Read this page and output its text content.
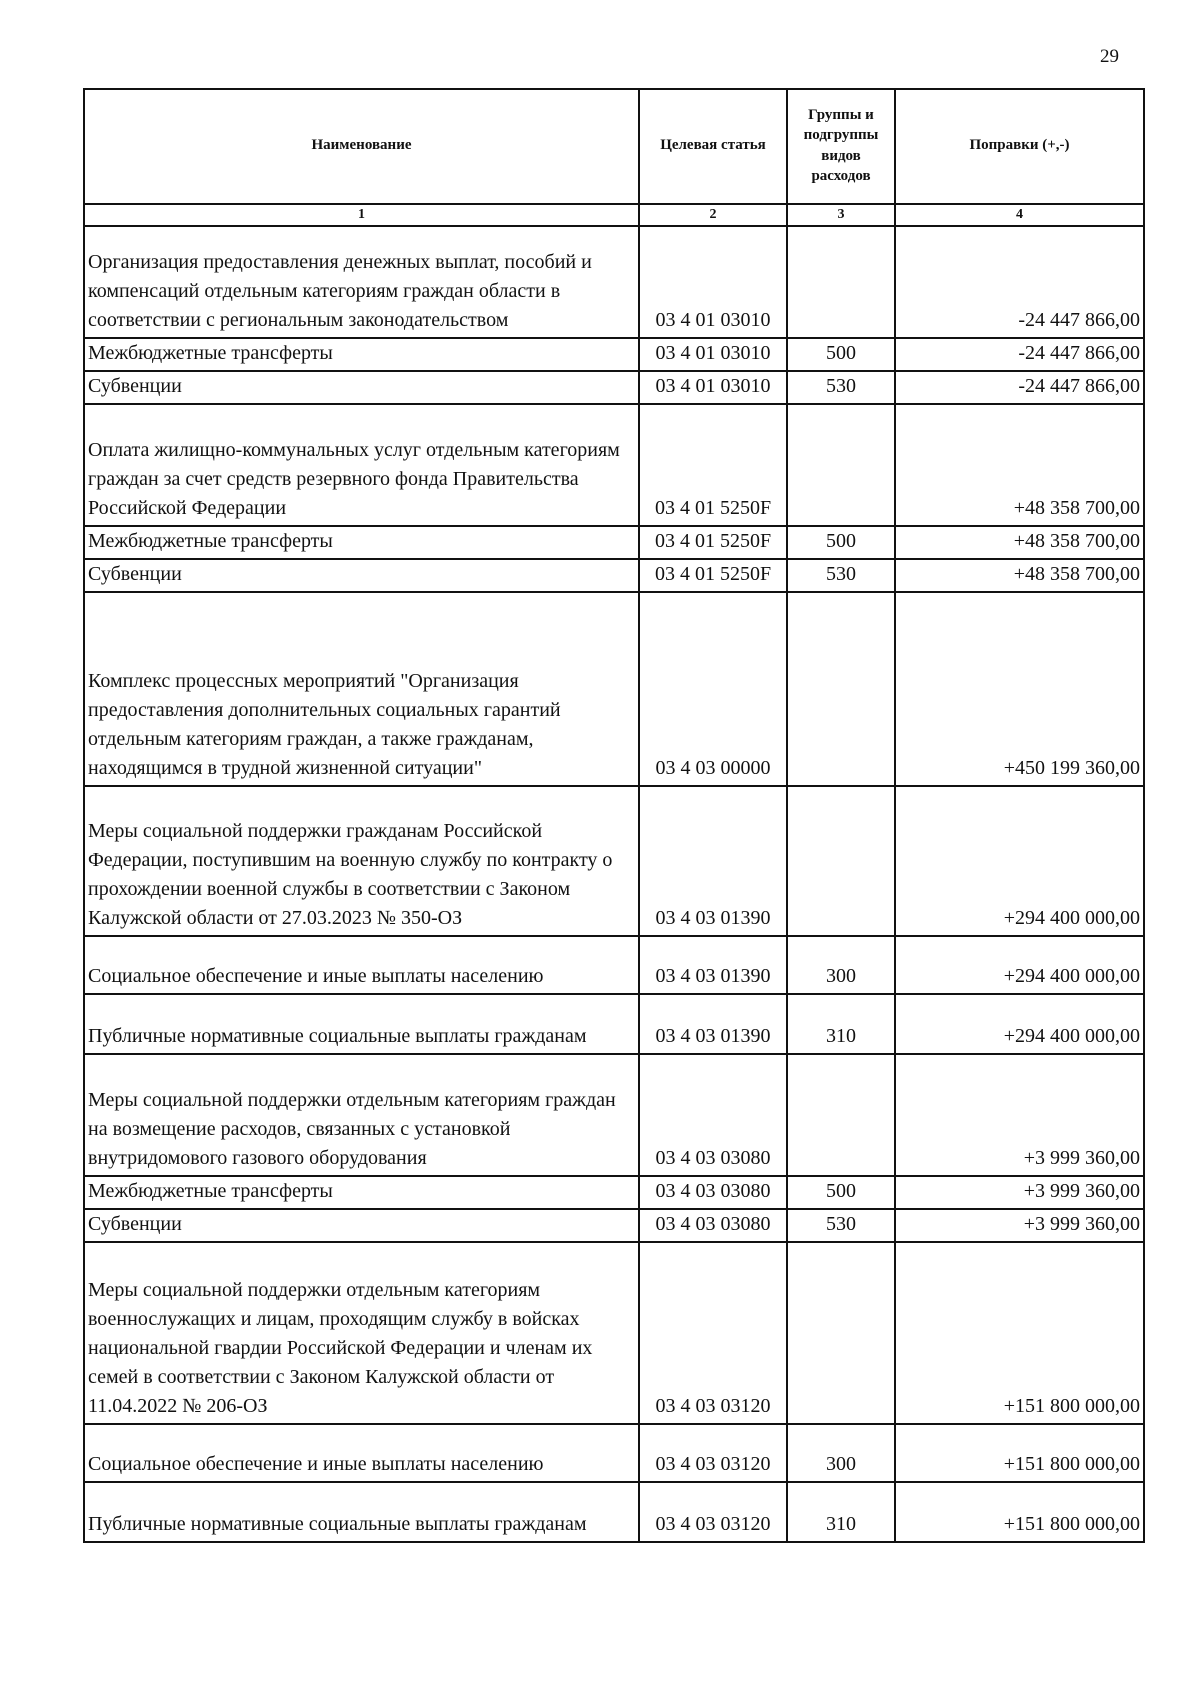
29
Наименование	Целевая статья	Группы и подгруппы видов расходов	Поправки (+,-)
1	2	3	4
Организация предоставления денежных выплат, пособий и компенсаций отдельным категориям граждан области в соответствии с региональным законодательством	03 4 01 03010		-24 447 866,00
Межбюджетные трансферты	03 4 01 03010	500	-24 447 866,00
Субвенции	03 4 01 03010	530	-24 447 866,00
Оплата жилищно-коммунальных услуг отдельным категориям граждан за счет средств резервного фонда Правительства Российской Федерации	03 4 01 5250F		+48 358 700,00
Межбюджетные трансферты	03 4 01 5250F	500	+48 358 700,00
Субвенции	03 4 01 5250F	530	+48 358 700,00
Комплекс процессных мероприятий "Организация предоставления дополнительных социальных гарантий отдельным категориям граждан, а также гражданам, находящимся в трудной жизненной ситуации"	03 4 03 00000		+450 199 360,00
Меры социальной поддержки гражданам Российской Федерации, поступившим на военную службу по контракту о прохождении военной службы в соответствии с Законом Калужской области от 27.03.2023 № 350-ОЗ	03 4 03 01390		+294 400 000,00
Социальное обеспечение и иные выплаты населению	03 4 03 01390	300	+294 400 000,00
Публичные нормативные социальные выплаты гражданам	03 4 03 01390	310	+294 400 000,00
Меры социальной поддержки отдельным категориям граждан на возмещение расходов, связанных с установкой внутридомового газового оборудования	03 4 03 03080		+3 999 360,00
Межбюджетные трансферты	03 4 03 03080	500	+3 999 360,00
Субвенции	03 4 03 03080	530	+3 999 360,00
Меры социальной поддержки отдельным категориям военнослужащих и лицам, проходящим службу в войсках национальной гвардии Российской Федерации и членам их семей в соответствии с Законом Калужской области от 11.04.2022 № 206-ОЗ	03 4 03 03120		+151 800 000,00
Социальное обеспечение и иные выплаты населению	03 4 03 03120	300	+151 800 000,00
Публичные нормативные социальные выплаты гражданам	03 4 03 03120	310	+151 800 000,00
